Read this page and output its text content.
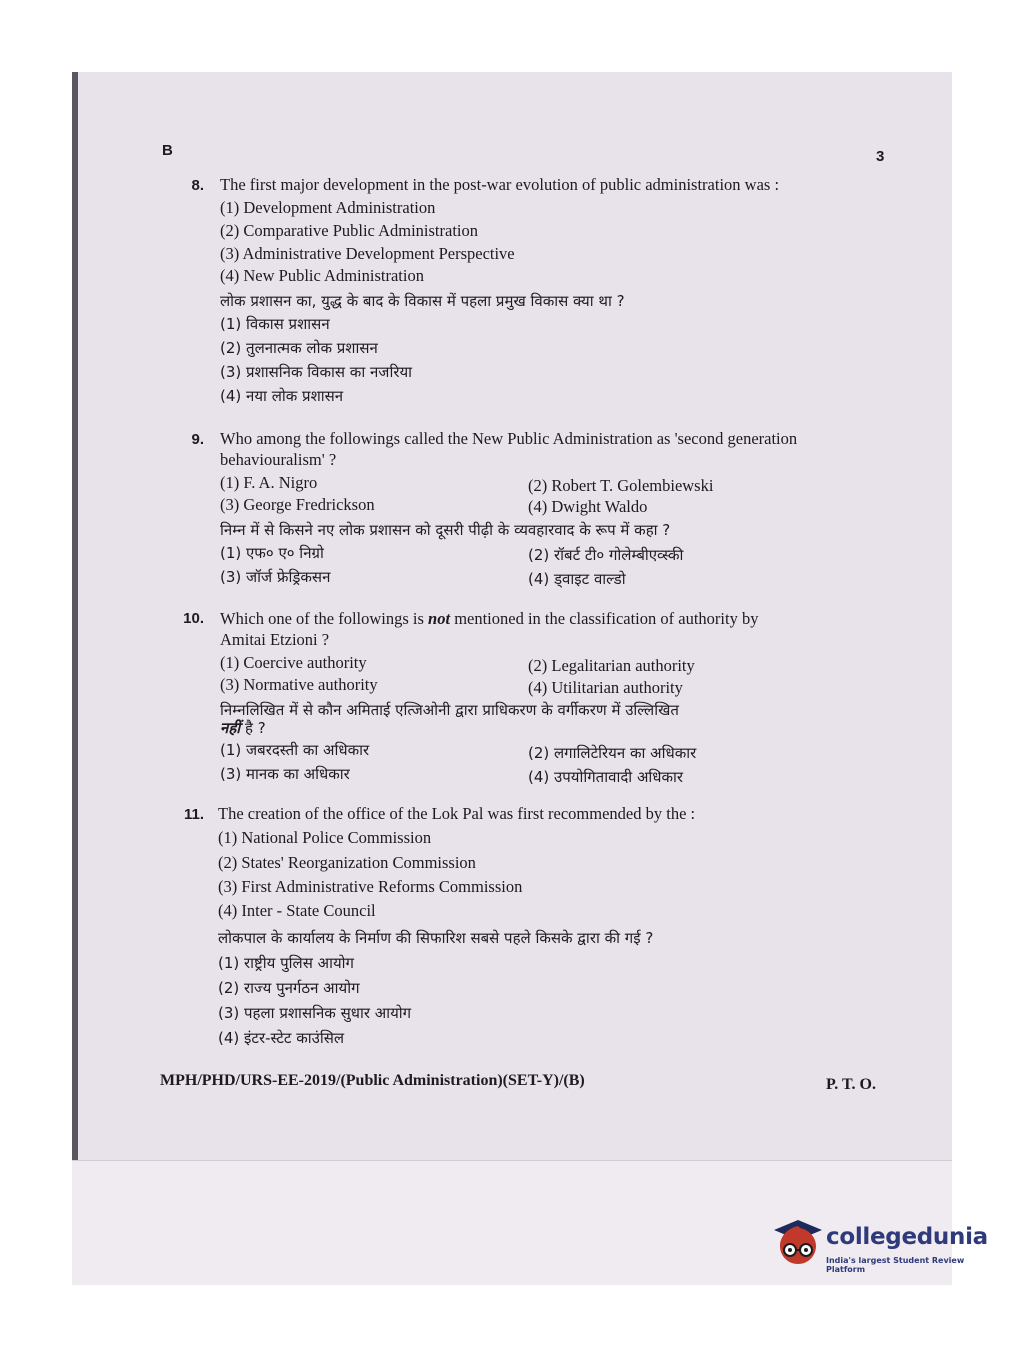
B	3
8. The first major development in the post-war evolution of public administration was :
(1) Development Administration
(2) Comparative Public Administration
(3) Administrative Development Perspective
(4) New Public Administration
लोक प्रशासन का, युद्ध के बाद के विकास में पहला प्रमुख विकास क्या था ?
(1) विकास प्रशासन
(2) तुलनात्मक लोक प्रशासन
(3) प्रशासनिक विकास का नजरिया
(4) नया लोक प्रशासन
9. Who among the followings called the New Public Administration as 'second generation
behaviouralism' ?
(1) F. A. Nigro	(2) Robert T. Golembiewski
(3) George Fredrickson	(4) Dwight Waldo
निम्न में से किसने नए लोक प्रशासन को दूसरी पीढ़ी के व्यवहारवाद के रूप में कहा ?
(1) एफ० ए० निग्रो	(2) रॉबर्ट टी० गोलेम्बीएव्स्की
(3) जॉर्ज फ्रेड्रिकसन	(4) ड्वाइट वाल्डो
10. Which one of the followings is not mentioned in the classification of authority by
Amitai Etzioni ?
(1) Coercive authority	(2) Legalitarian authority
(3) Normative authority	(4) Utilitarian authority
निम्नलिखित में से कौन अमिताई एत्जिओनी द्वारा प्राधिकरण के वर्गीकरण में उल्लिखित
नहीं है ?
(1) जबरदस्ती का अधिकार	(2) लगालिटेरियन का अधिकार
(3) मानक का अधिकार	(4) उपयोगितावादी अधिकार
11. The creation of the office of the Lok Pal was first recommended by the :
(1) National Police Commission
(2) States' Reorganization Commission
(3) First Administrative Reforms Commission
(4) Inter - State Council
लोकपाल के कार्यालय के निर्माण की सिफारिश सबसे पहले किसके द्वारा की गई ?
(1) राष्ट्रीय पुलिस आयोग
(2) राज्य पुनर्गठन आयोग
(3) पहला प्रशासनिक सुधार आयोग
(4) इंटर-स्टेट काउंसिल
MPH/PHD/URS-EE-2019/(Public Administration)(SET-Y)/(B)	P. T. O.
collegedunia
India's largest Student Review Platform
